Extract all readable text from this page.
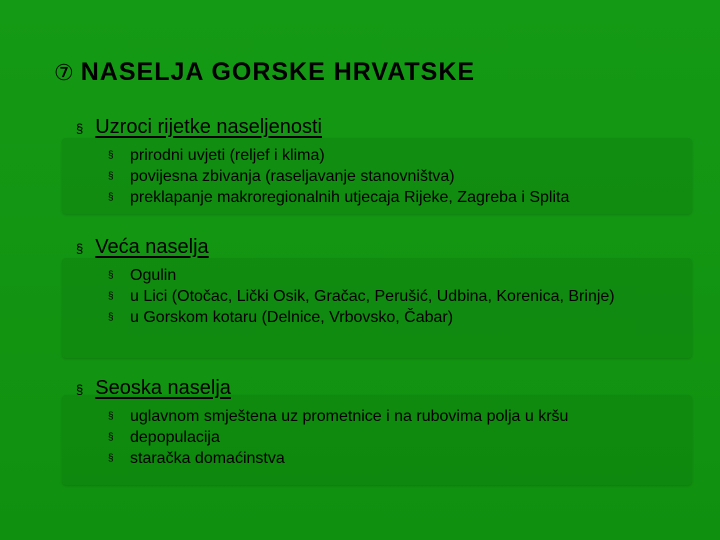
⑦ NASELJA GORSKE HRVATSKE
§ Uzroci rijetke naseljenosti
§	prirodni uvjeti (reljef i klima)
§	povijesna zbivanja (raseljavanje stanovništva)
§	preklapanje makroregionalnih utjecaja Rijeke, Zagreba i Splita
§ Veća naselja
§	Ogulin
§	u Lici (Otočac, Lički Osik, Gračac, Perušić, Udbina, Korenica, Brinje)
§	u Gorskom kotaru (Delnice, Vrbovsko, Čabar)
§ Seoska naselja
§	uglavnom smještena uz prometnice i na rubovima polja u kršu
§	depopulacija
§	staračka domaćinstva
